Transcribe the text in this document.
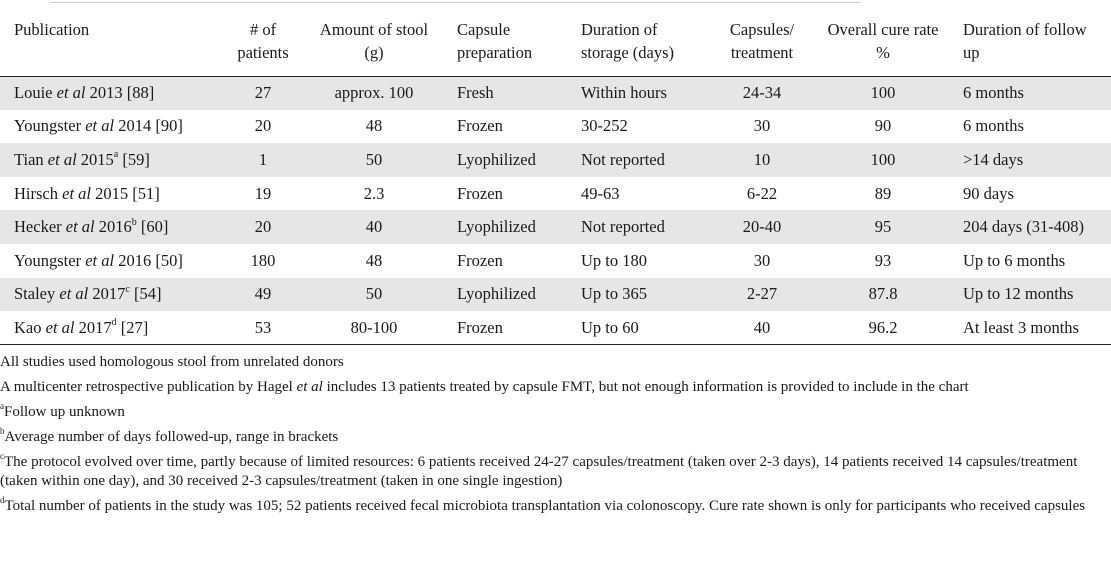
Publication	# of patients	Amount of stool (g)	Capsule preparation	Duration of storage (days)	Capsules/ treatment	Overall cure rate %	Duration of follow up
Louie et al 2013 [88]	27	approx. 100	Fresh	Within hours	24-34	100	6 months
Youngster et al 2014 [90]	20	48	Frozen	30-252	30	90	6 months
Tian et al 2015$^a$ [59]	1	50	Lyophilized	Not reported	10	100	>14 days
Hirsch et al 2015 [51]	19	2.3	Frozen	49-63	6-22	89	90 days
Hecker et al 2016$^b$ [60]	20	40	Lyophilized	Not reported	20-40	95	204 days (31-408)
Youngster et al 2016 [50]	180	48	Frozen	Up to 180	30	93	Up to 6 months
Staley et al 2017$^c$ [54]	49	50	Lyophilized	Up to 365	2-27	87.8	Up to 12 months
Kao et al 2017$^d$ [27]	53	80-100	Frozen	Up to 60	40	96.2	At least 3 months
All studies used homologous stool from unrelated donors
A multicenter retrospective publication by Hagel et al includes 13 patients treated by capsule FMT, but not enough information is provided to include in the chart
$^a$Follow up unknown
$^b$Average number of days followed-up, range in brackets
$^c$The protocol evolved over time, partly because of limited resources: 6 patients received 24-27 capsules/treatment (taken over 2-3 days), 14 patients received 14 capsules/treatment (taken within one day), and 30 received 2-3 capsules/treatment (taken in one single ingestion)
$^d$Total number of patients in the study was 105; 52 patients received fecal microbiota transplantation via colonoscopy. Cure rate shown is only for participants who received capsules
